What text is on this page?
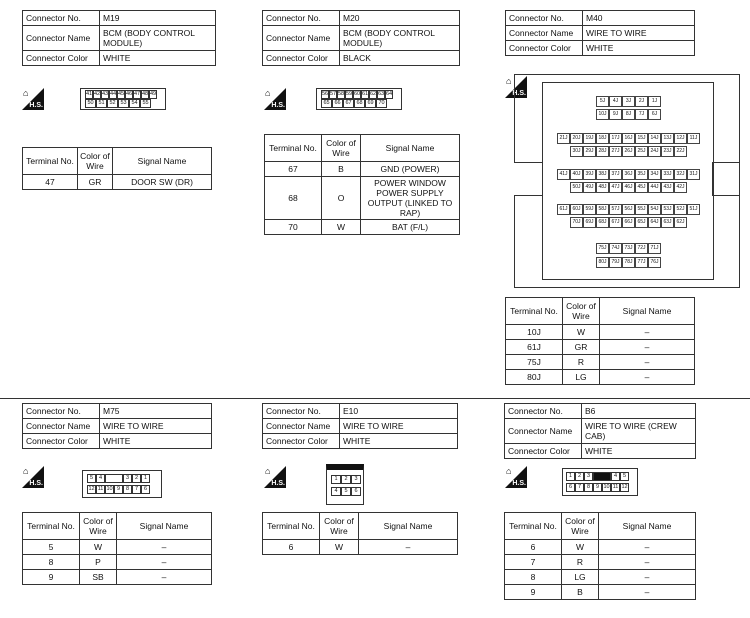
Connector No.	M19
Connector Name	BCM (BODY CONTROL MODULE)
Connector Color	WHITE
⌂
H.S.
41 42 43 44 45 46 47 48 49
50 51 52 53 54 55
Terminal No.	Color of Wire	Signal Name
47	GR	DOOR SW (DR)
Connector No.	M20
Connector Name	BCM (BODY CONTROL MODULE)
Connector Color	BLACK
⌂
H.S.
56 57 58 59 60 61 62 63 64
65 66 67 68 69 70
Terminal No.	Color of Wire	Signal Name
67	B	GND (POWER)
68	O	POWER WINDOW POWER SUPPLY OUTPUT (LINKED TO RAP)
70	W	BAT (F/L)
Connector No.	M40
Connector Name	WIRE TO WIRE
Connector Color	WHITE
⌂
H.S.
5J	4J	3J	2J	1J
10J	9J	8J	7J	6J
21J 20J 19J 18J 17J 16J 15J 14J 13J 12J	11J
30J 29J 28J 27J 26J 25J 24J 23J 22J
41J 40J 39J 38J 37J 36J 35J 34J 33J 32J 31J
50J 49J 48J 47J 46J 45J 44J 43J 42J
61J 60J 59J 58J 57J 56J 55J 54J 53J 52J 51J
70J 69J 68J 67J 66J 65J 64J 63J 62J
75J 74J 73J 72J 71J
80J 79J 78J 77J 76J
Terminal No.	Color of Wire	Signal Name
10J	W	–
61J	GR	–
75J	R	–
80J	LG	–
Connector No.	M75
Connector Name	WIRE TO WIRE
Connector Color	WHITE
⌂
H.S.
5	4	3	2	1
12 11 10 9	8	7	6
Terminal No.	Color of Wire	Signal Name
5	W	–
8	P	–
9	SB	–
Connector No.	E10
Connector Name	WIRE TO WIRE
Connector Color	WHITE
⌂
H.S.
1	2	3
4	5	6
Terminal No.	Color of Wire	Signal Name
6	W	–
Connector No.	B6
Connector Name	WIRE TO WIRE (CREW CAB)
Connector Color	WHITE
⌂
H.S.
1	2	3	4	5
6	7	8	9 10 11 12
Terminal No.	Color of Wire	Signal Name
6	W	–
7	R	–
8	LG	–
9	B	–
